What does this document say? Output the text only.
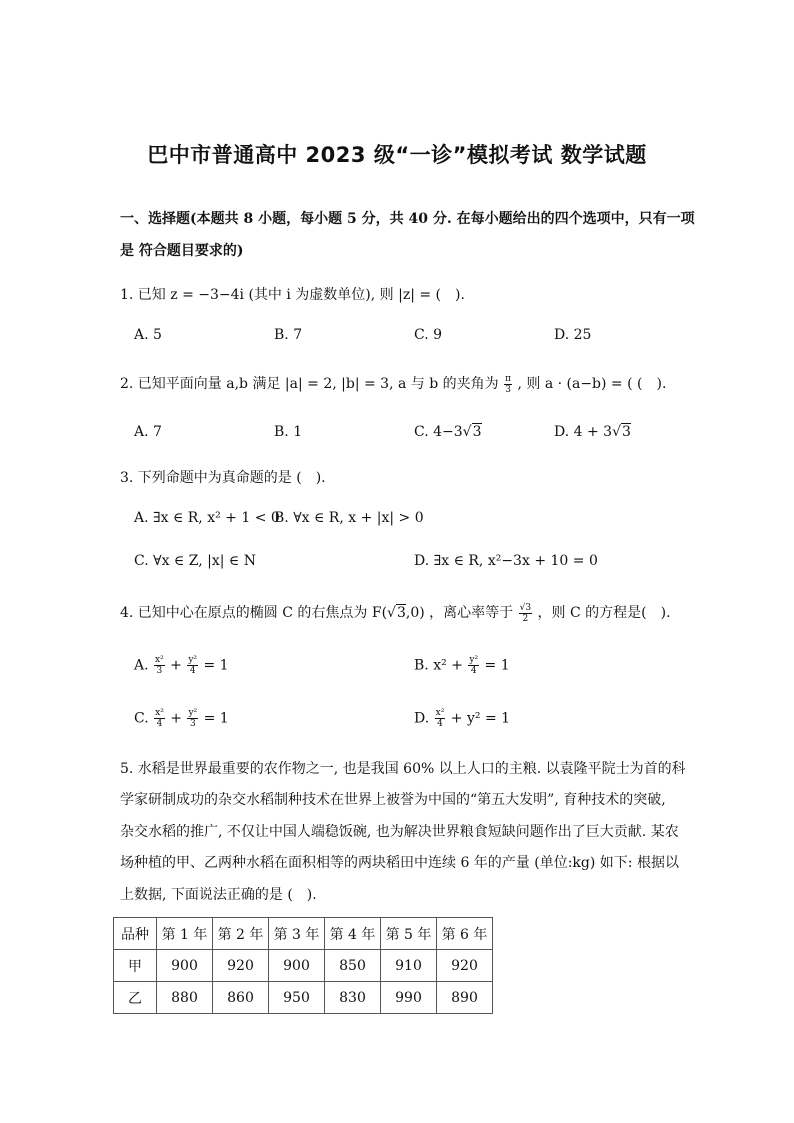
巴中市普通高中 2023 级“一诊”模拟考试 数学试题
一、选择题(本题共 8 小题，每小题 5 分，共 40 分. 在每小题给出的四个选项中，只有一项
是 符合题目要求的)
1. 已知 z = −3−4i (其中 i 为虚数单位), 则 |z| = (　).
A. 5	B. 7	C. 9	D. 25
2. 已知平面向量 a,b 满足 |a| = 2, |b| = 3, a 与 b 的夹角为 $\frac{\pi}{3}$ , 则 a · (a−b) = ( (　).
A. 7	B. 1	C. 4−3√3	D. 4 + 3√3
3. 下列命题中为真命题的是 (　).
A. ∃x ∈ R, x² + 1 < 0
B. ∀x ∈ R, x + |x| > 0
C. ∀x ∈ Z, |x| ∈ N	D. ∃x ∈ R, x²−3x + 10 = 0
4. 已知中心在原点的椭圆 C 的右焦点为 F(√3,0) ，离心率等于 $\frac{√3}{2}$ ，则 C 的方程是(　).
A. $\frac{\text{x²}}{3} + \frac{\text{y²}}{4} = 1$	B. $x^2 + \frac{\text{y²}}{4} = 1$
C. $\frac{\text{x²}}{4} + \frac{\text{y²}}{3} = 1$	D. $\frac{\text{x²}}{4} + y^2 = 1$
5. 水稻是世界最重要的农作物之一, 也是我国 60% 以上人口的主粮. 以袁隆平院士为首的科
学家研制成功的杂交水稻制种技术在世界上被誉为中国的“第五大发明”, 育种技术的突破,
杂交水稻的推广, 不仅让中国人端稳饭碗, 也为解决世界粮食短缺问题作出了巨大贡献. 某农
场种植的甲、乙两种水稻在面积相等的两块稻田中连续 6 年的产量 (单位:kg) 如下: 根据以
上数据, 下面说法正确的是 (　).
品种	第 1 年	第 2 年	第 3 年	第 4 年	第 5 年	第 6 年
甲	900	920	900	850	910	920
乙	880	860	950	830	990	890
